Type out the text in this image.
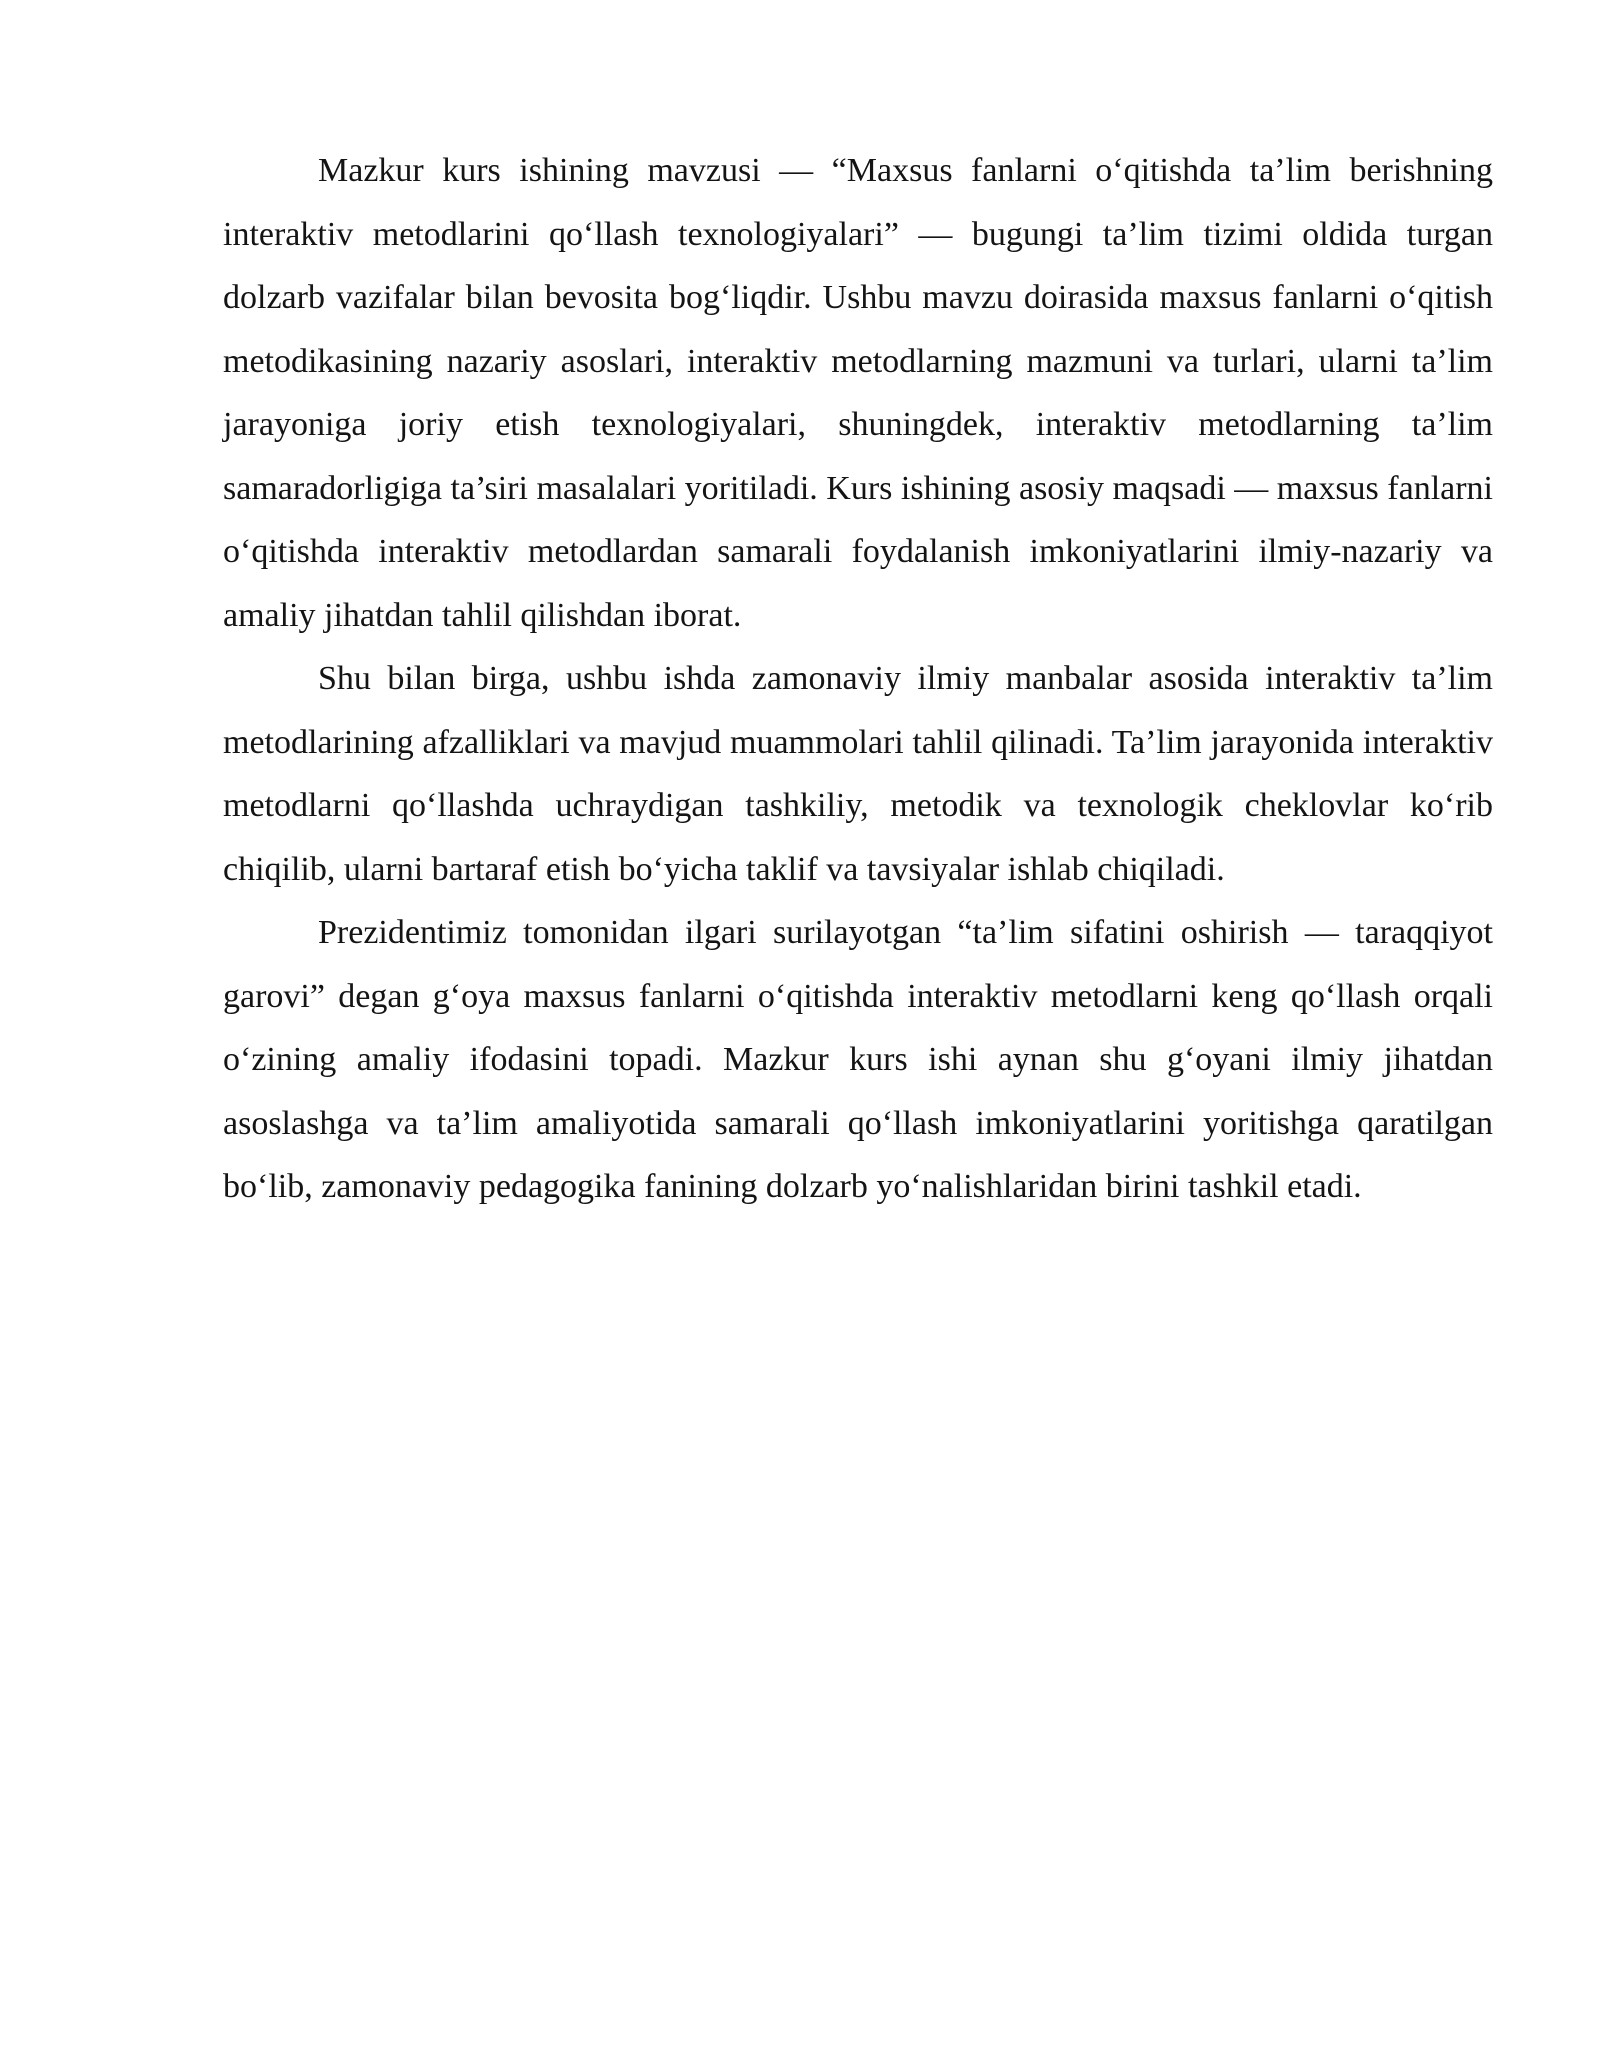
Mazkur kurs ishining mavzusi — “Maxsus fanlarni o‘qitishda ta’lim berishning interaktiv metodlarini qo‘llash texnologiyalari” — bugungi ta’lim tizimi oldida turgan dolzarb vazifalar bilan bevosita bog‘liqdir. Ushbu mavzu doirasida maxsus fanlarni o‘qitish metodikasining nazariy asoslari, interaktiv metodlarning mazmuni va turlari, ularni ta’lim jarayoniga joriy etish texnologiyalari, shuningdek, interaktiv metodlarning ta’lim samaradorligiga ta’siri masalalari yoritiladi. Kurs ishining asosiy maqsadi — maxsus fanlarni o‘qitishda interaktiv metodlardan samarali foydalanish imkoniyatlarini ilmiy-nazariy va amaliy jihatdan tahlil qilishdan iborat.

Shu bilan birga, ushbu ishda zamonaviy ilmiy manbalar asosida interaktiv ta’lim metodlarining afzalliklari va mavjud muammolari tahlil qilinadi. Ta’lim jarayonida interaktiv metodlarni qo‘llashda uchraydigan tashkiliy, metodik va texnologik cheklovlar ko‘rib chiqilib, ularni bartaraf etish bo‘yicha taklif va tavsiyalar ishlab chiqiladi.

Prezidentimiz tomonidan ilgari surilayotgan “ta’lim sifatini oshirish — taraqqiyot garovi” degan g‘oya maxsus fanlarni o‘qitishda interaktiv metodlarni keng qo‘llash orqali o‘zining amaliy ifodasini topadi. Mazkur kurs ishi aynan shu g‘oyani ilmiy jihatdan asoslashga va ta’lim amaliyotida samarali qo‘llash imkoniyatlarini yoritishga qaratilgan bo‘lib, zamonaviy pedagogika fanining dolzarb yo‘nalishlaridan birini tashkil etadi.
